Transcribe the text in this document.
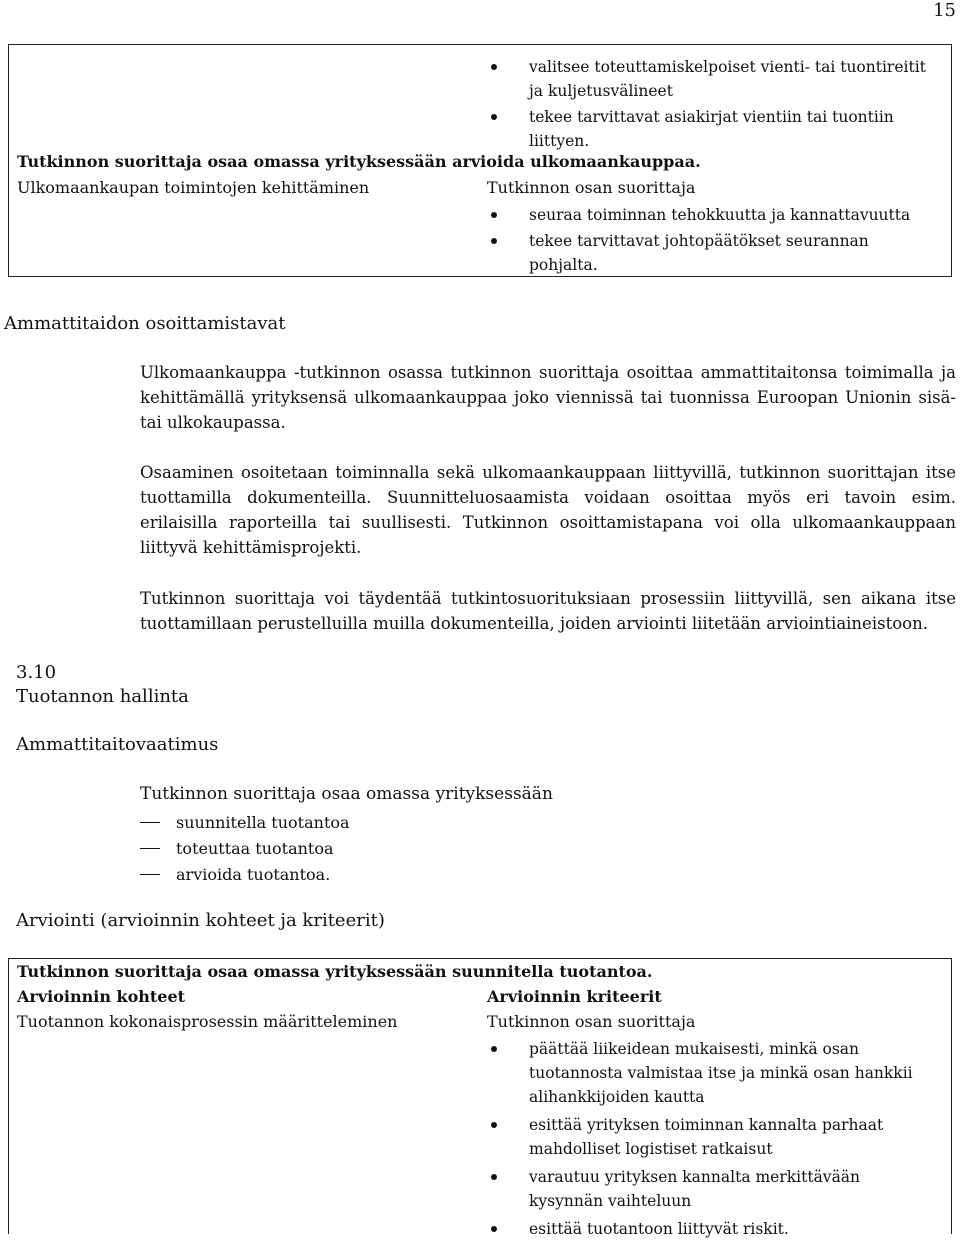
15
valitsee toteuttamiskelpoiset vienti- tai tuontireitit ja kuljetusvälineet
tekee tarvittavat asiakirjat vientiin tai tuontiin liittyen.
Tutkinnon suorittaja osaa omassa yrityksessään arvioida ulkomaankauppaa.
Ulkomaankaupan toimintojen kehittäminen	Tutkinnon osan suorittaja
seuraa toiminnan tehokkuutta ja kannattavuutta
tekee tarvittavat johtopäätökset seurannan pohjalta.
Ammattitaidon osoittamistavat
Ulkomaankauppa -tutkinnon osassa tutkinnon suorittaja osoittaa ammattitaitonsa toimimalla ja kehittämällä yrityksensä ulkomaankauppaa joko viennissä tai tuonnissa Euroopan Unionin sisä- tai ulkokaupassa.
Osaaminen osoitetaan toiminnalla sekä ulkomaankauppaan liittyvillä, tutkinnon suorittajan itse tuottamilla dokumenteilla. Suunnitteluosaamista voidaan osoittaa myös eri tavoin esim. erilaisilla raporteilla tai suullisesti. Tutkinnon osoittamistapana voi olla ulkomaankauppaan liittyvä kehittämisprojekti.
Tutkinnon suorittaja voi täydentää tutkintosuorituksiaan prosessiin liittyvillä, sen aikana itse tuottamillaan perustelluilla muilla dokumenteilla, joiden arviointi liitetään arviointiaineistoon.
3.10
Tuotannon hallinta
Ammattitaitovaatimus
Tutkinnon suorittaja osaa omassa yrityksessään
suunnitella tuotantoa
toteuttaa tuotantoa
arvioida tuotantoa.
Arviointi (arvioinnin kohteet ja kriteerit)
Tutkinnon suorittaja osaa omassa yrityksessään suunnitella tuotantoa.
Arvioinnin kohteet	Arvioinnin kriteerit
Tuotannon kokonaisprosessin määritteleminen	Tutkinnon osan suorittaja
päättää liikeidean mukaisesti, minkä osan tuotannosta valmistaa itse ja minkä osan hankkii alihankkijoiden kautta
esittää yrityksen toiminnan kannalta parhaat mahdolliset logistiset ratkaisut
varautuu yrityksen kannalta merkittävään kysynnän vaihteluun
esittää tuotantoon liittyvät riskit.
